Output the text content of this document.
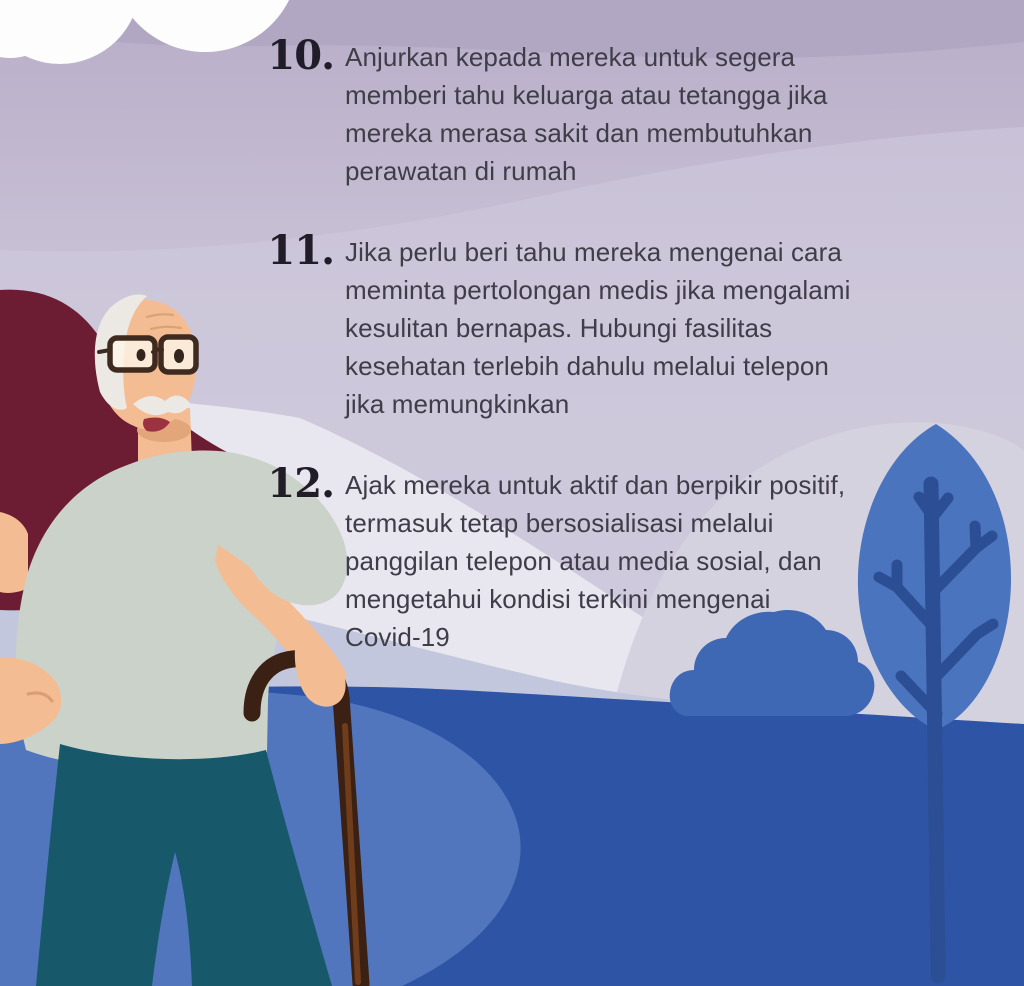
10. Anjurkan kepada mereka untuk segera
memberi tahu keluarga atau tetangga jika
mereka merasa sakit dan membutuhkan
perawatan di rumah
11. Jika perlu beri tahu mereka mengenai cara
meminta pertolongan medis jika mengalami
kesulitan bernapas. Hubungi fasilitas
kesehatan terlebih dahulu melalui telepon
jika memungkinkan
12. Ajak mereka untuk aktif dan berpikir positif,
termasuk tetap bersosialisasi melalui
panggilan telepon atau media sosial, dan
mengetahui kondisi terkini mengenai
Covid-19
